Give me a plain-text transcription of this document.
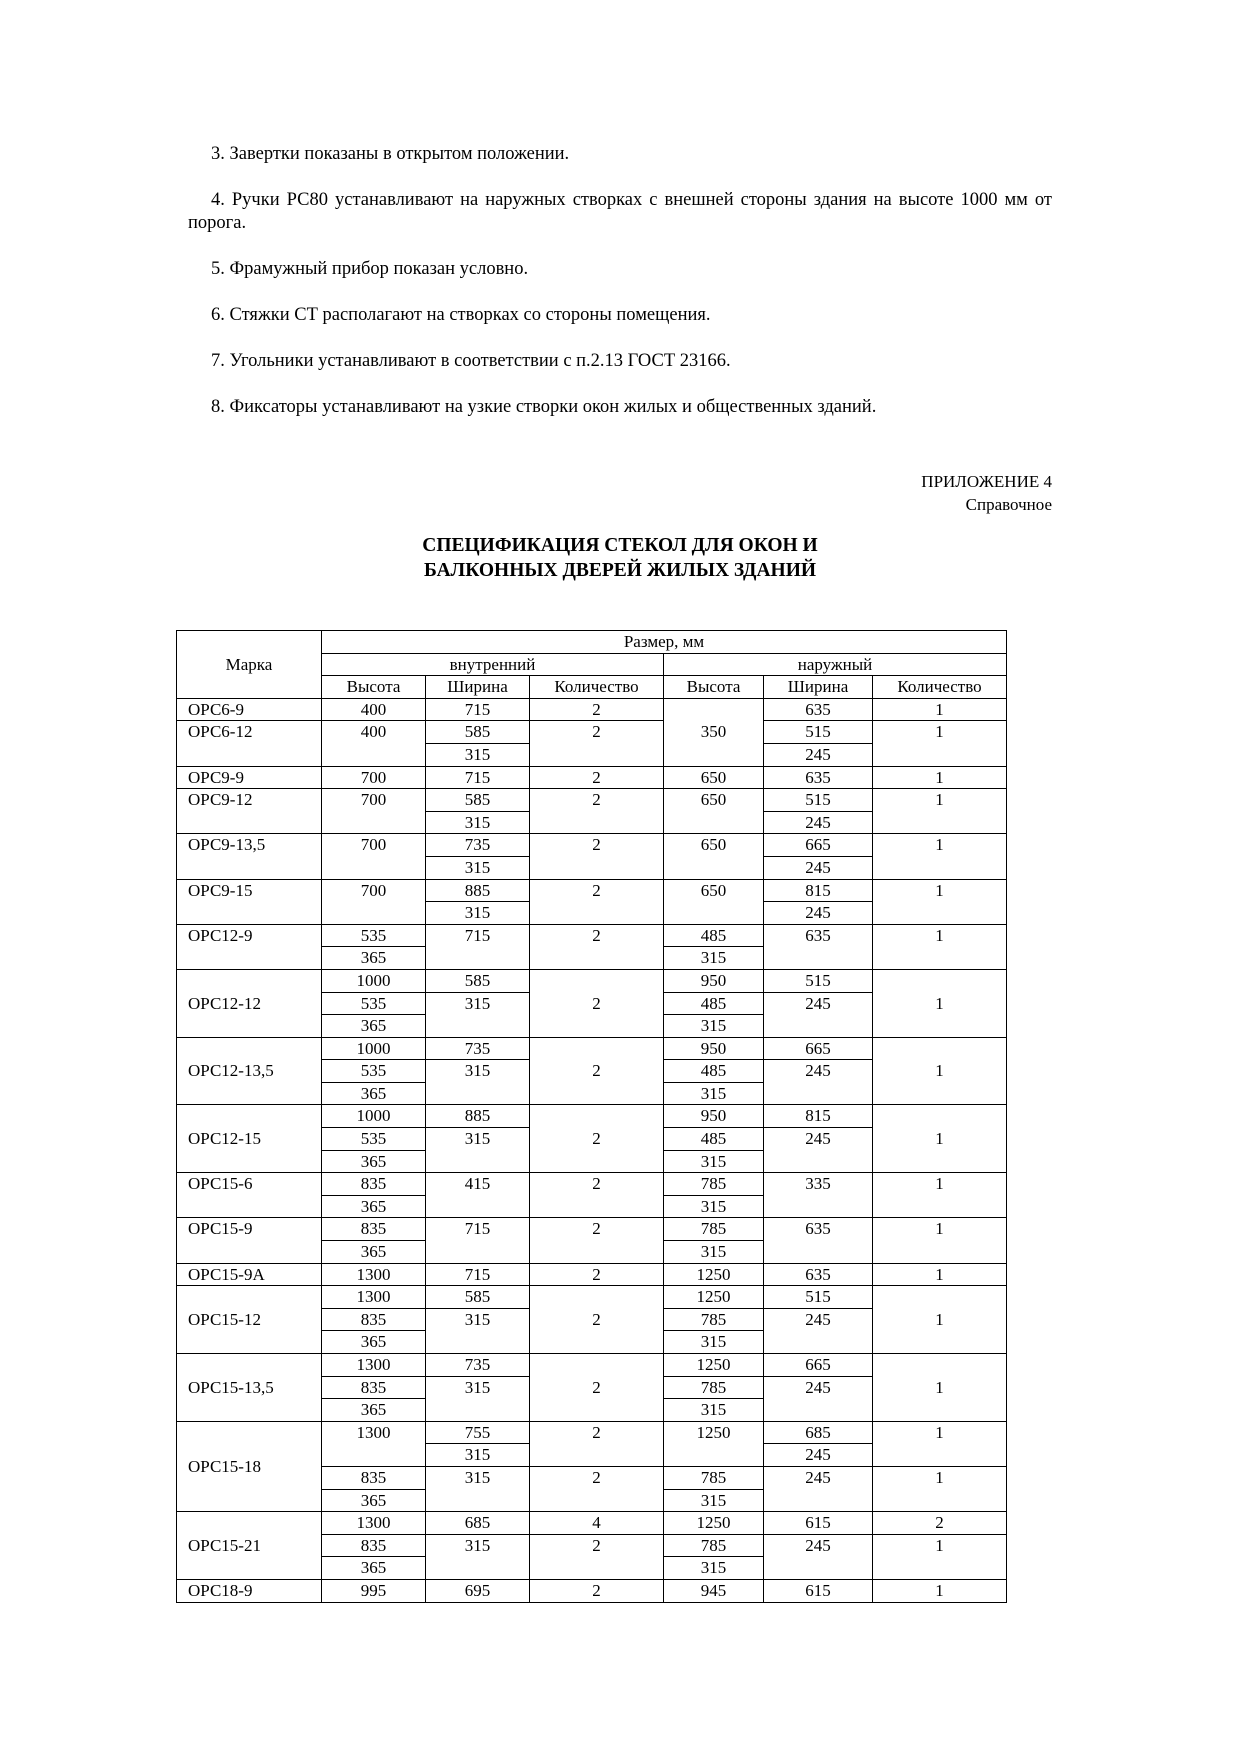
3. Завертки показаны в открытом положении.

4. Ручки РС80 устанавливают на наружных створках с внешней стороны здания на высоте 1000 мм от порога.

5. Фрамужный прибор показан условно.

6. Стяжки СТ располагают на створках со стороны помещения.

7. Угольники устанавливают в соответствии с п.2.13 ГОСТ 23166.

8. Фиксаторы устанавливают на узкие створки окон жилых и общественных зданий.

ПРИЛОЖЕНИЕ 4
Справочное
СПЕЦИФИКАЦИЯ СТЕКОЛ ДЛЯ ОКОН И
БАЛКОННЫХ ДВЕРЕЙ ЖИЛЫХ ЗДАНИЙ
Марка	Размер, мм					
	внутренний			наружный		
	Высота	Ширина	Количество	Высота	Ширина	Количество
ОРС6-9	400	715	2	350	635	1
ОРС6-12	400	585	2		515	1
		315			245	
ОРС9-9	700	715	2	650	635	1
ОРС9-12	700	585	2	650	515	1
		315			245	
ОРС9-13,5	700	735	2	650	665	1
		315			245	
ОРС9-15	700	885	2	650	815	1
		315			245	
ОРС12-9	535	715	2	485	635	1
	365			315		
ОРС12-12	1000	585	2	950	515	1
	535	315		485	245	
	365			315		
ОРС12-13,5	1000	735	2	950	665	1
	535	315		485	245	
	365			315		
ОРС12-15	1000	885	2	950	815	1
	535	315		485	245	
	365			315		
ОРС15-6	835	415	2	785	335	1
	365			315		
ОРС15-9	835	715	2	785	635	1
	365			315		
ОРС15-9А	1300	715	2	1250	635	1
ОРС15-12	1300	585	2	1250	515	1
	835	315		785	245	
	365			315		
ОРС15-13,5	1300	735	2	1250	665	1
	835	315		785	245	
	365			315		
ОРС15-18	1300	755	2	1250	685	1
		315			245	
	835	315	2	785	245	1
	365			315		
ОРС15-21	1300	685	4	1250	615	2
	835	315	2	785	245	1
	365			315		
ОРС18-9	995	695	2	945	615	1
